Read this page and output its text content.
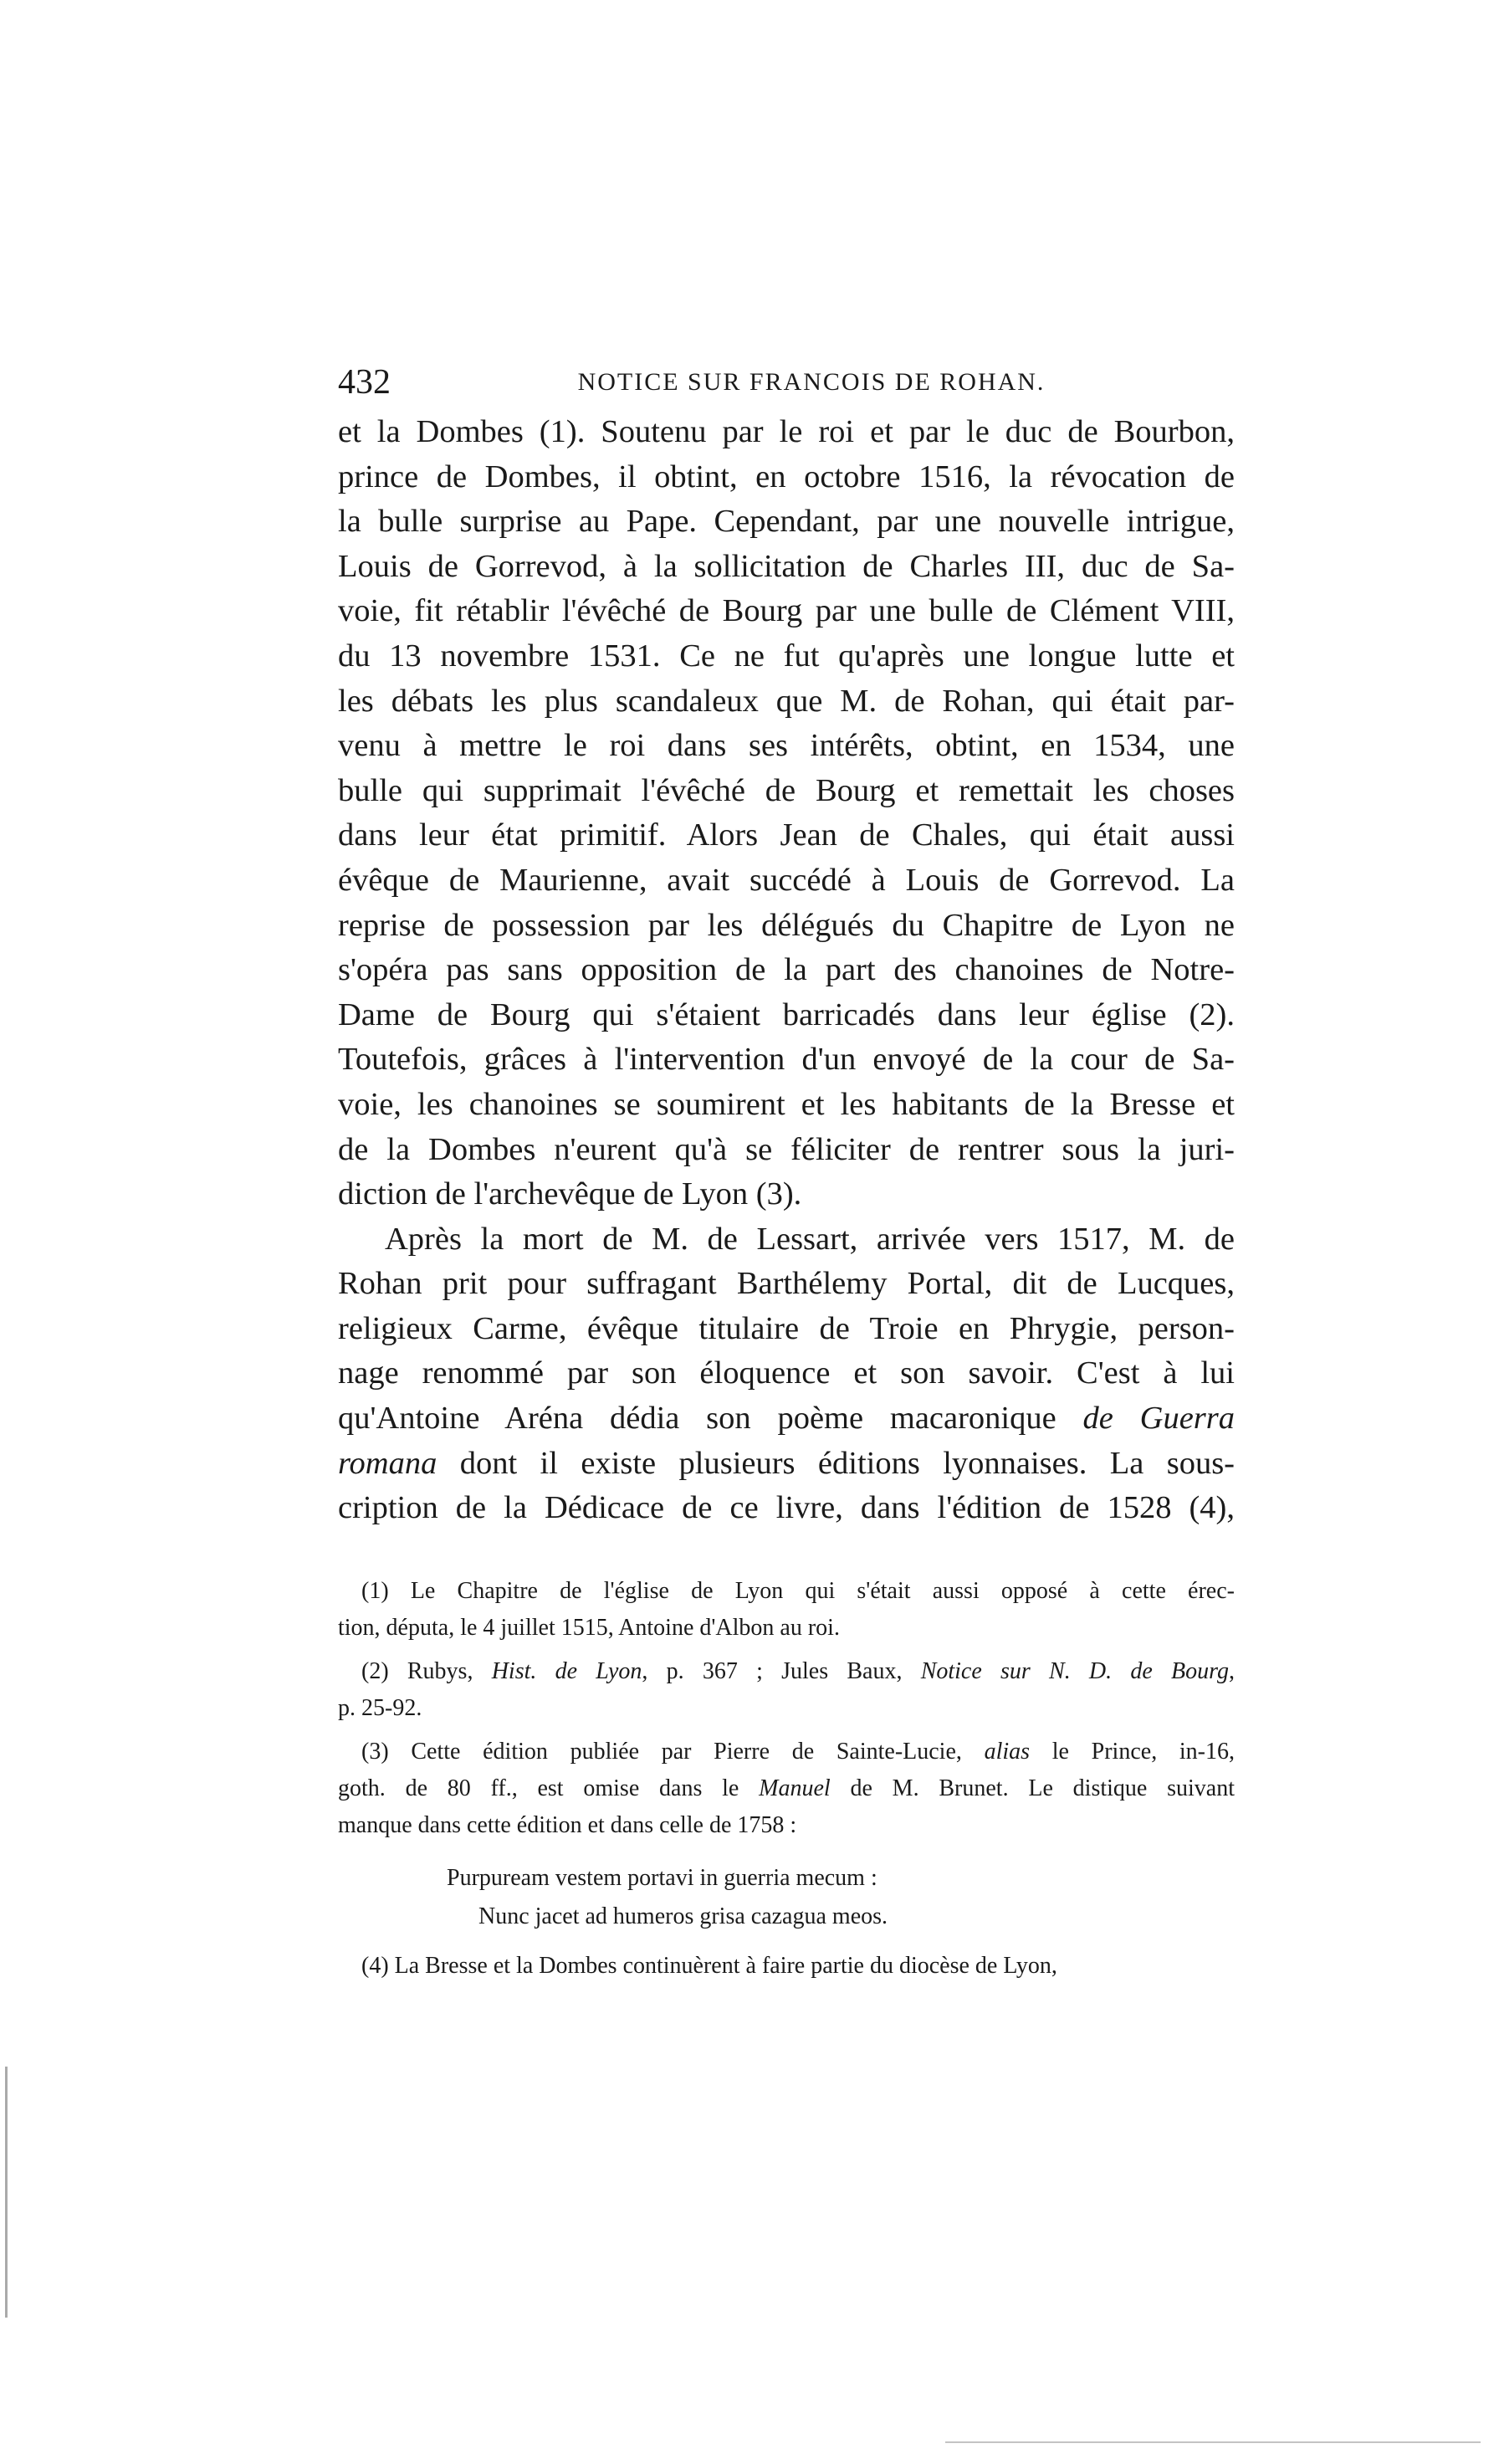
432	NOTICE SUR FRANCOIS DE ROHAN.
et la Dombes (1). Soutenu par le roi et par le duc de Bourbon,
prince de Dombes, il obtint, en octobre 1516, la révocation de
la bulle surprise au Pape. Cependant, par une nouvelle intrigue,
Louis de Gorrevod, à la sollicitation de Charles III, duc de Sa-
voie, fit rétablir l'évêché de Bourg par une bulle de Clément VIII,
du 13 novembre 1531. Ce ne fut qu'après une longue lutte et
les débats les plus scandaleux que M. de Rohan, qui était par-
venu à mettre le roi dans ses intérêts, obtint, en 1534, une
bulle qui supprimait l'évêché de Bourg et remettait les choses
dans leur état primitif. Alors Jean de Chales, qui était aussi
évêque de Maurienne, avait succédé à Louis de Gorrevod. La
reprise de possession par les délégués du Chapitre de Lyon ne
s'opéra pas sans opposition de la part des chanoines de Notre-
Dame de Bourg qui s'étaient barricadés dans leur église (2).
Toutefois, grâces à l'intervention d'un envoyé de la cour de Sa-
voie, les chanoines se soumirent et les habitants de la Bresse et
de la Dombes n'eurent qu'à se féliciter de rentrer sous la juri-
diction de l'archevêque de Lyon (3).
Après la mort de M. de Lessart, arrivée vers 1517, M. de
Rohan prit pour suffragant Barthélemy Portal, dit de Lucques,
religieux Carme, évêque titulaire de Troie en Phrygie, person-
nage renommé par son éloquence et son savoir. C'est à lui
qu'Antoine Aréna dédia son poème macaronique de Guerra
romana dont il existe plusieurs éditions lyonnaises. La sous-
cription de la Dédicace de ce livre, dans l'édition de 1528 (4),
(1) Le Chapitre de l'église de Lyon qui s'était aussi opposé à cette érec-
tion, députa, le 4 juillet 1515, Antoine d'Albon au roi.
(2) Rubys, Hist. de Lyon, p. 367 ; Jules Baux, Notice sur N. D. de Bourg,
p. 25-92.
(3) Cette édition publiée par Pierre de Sainte-Lucie, alias le Prince, in-16,
goth. de 80 ff., est omise dans le Manuel de M. Brunet. Le distique suivant
manque dans cette édition et dans celle de 1758 :
Purpuream vestem portavi in guerria mecum :
Nunc jacet ad humeros grisa cazagua meos.
(4) La Bresse et la Dombes continuèrent à faire partie du diocèse de Lyon,
